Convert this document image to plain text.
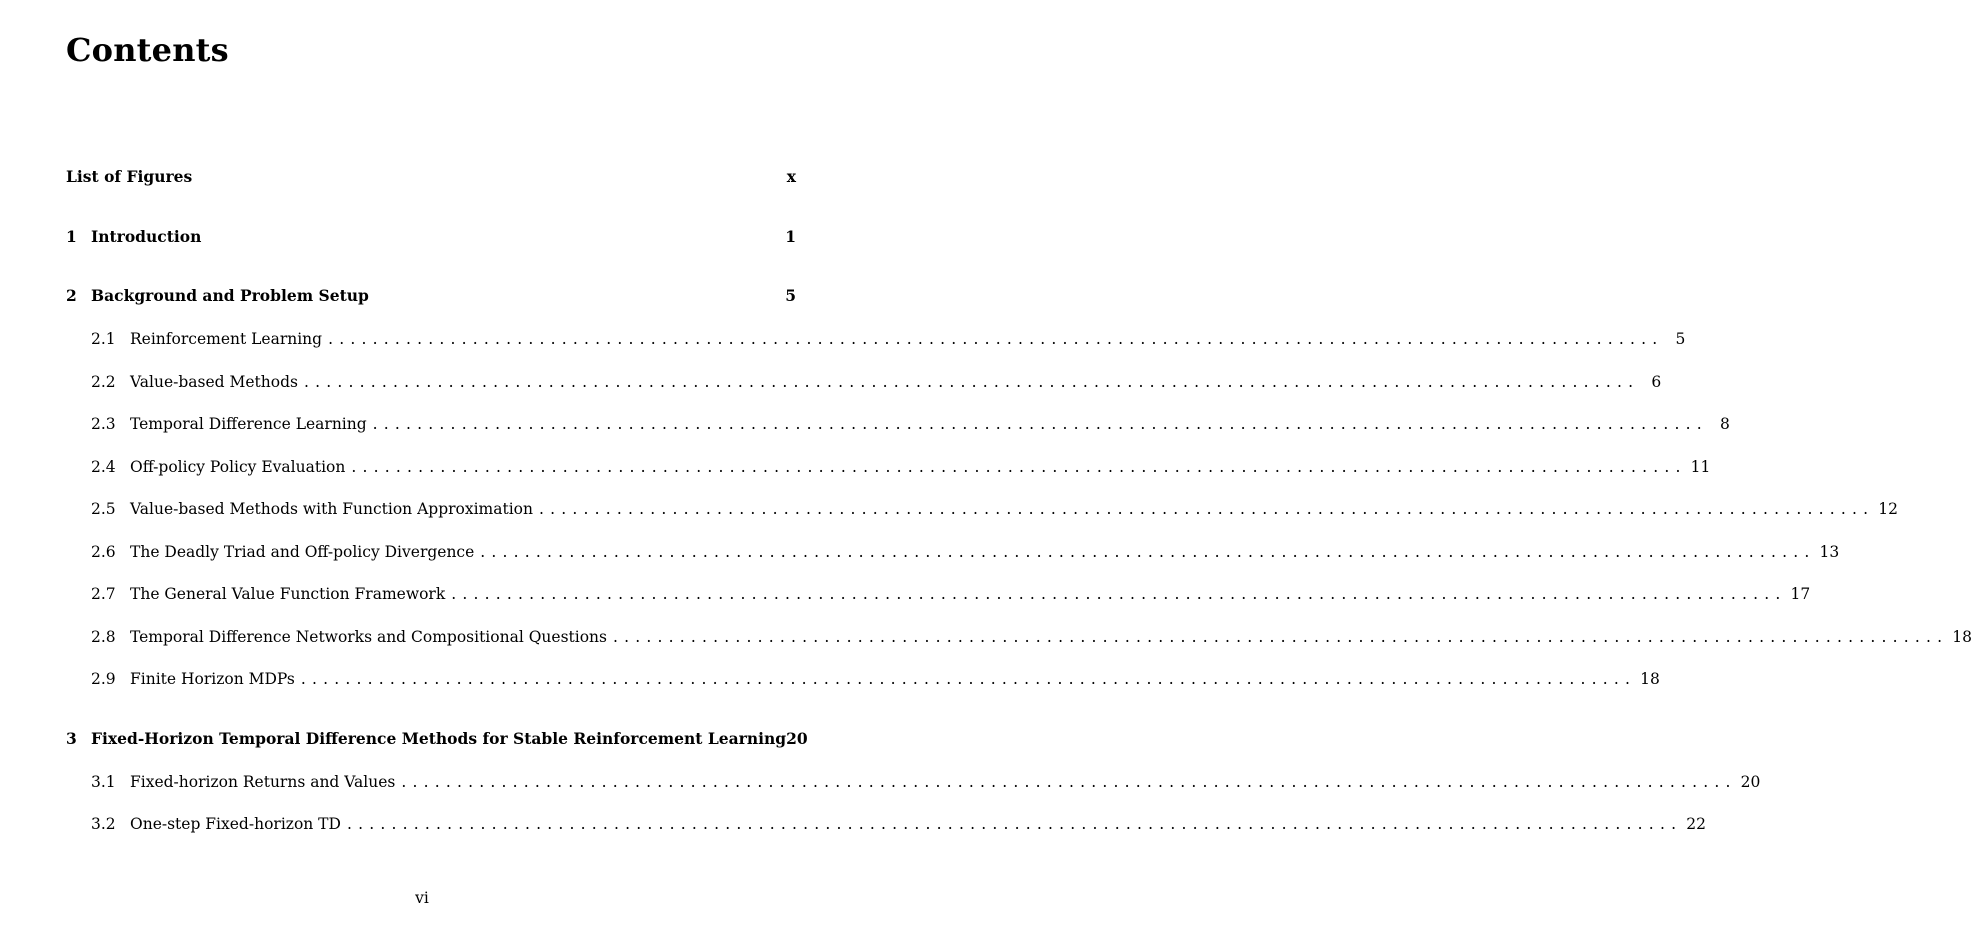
Contents
List of Figures	x
1 Introduction	1
2 Background and Problem Setup	5
2.1 Reinforcement Learning ........................................................................................................................ 5
2.2 Value-based Methods ........................................................................................................................ 6
2.3 Temporal Difference Learning ........................................................................................................................ 8
2.4 Off-policy Policy Evaluation ........................................................................................................................ 11
2.5 Value-based Methods with Function Approximation ........................................................................................................................ 12
2.6 The Deadly Triad and Off-policy Divergence ........................................................................................................................ 13
2.7 The General Value Function Framework ........................................................................................................................ 17
2.8 Temporal Difference Networks and Compositional Questions ........................................................................................................................ 18
2.9 Finite Horizon MDPs ........................................................................................................................ 18
3 Fixed-Horizon Temporal Difference Methods for Stable Reinforcement Learning 20
3.1 Fixed-horizon Returns and Values ........................................................................................................................ 20
3.2 One-step Fixed-horizon TD ........................................................................................................................ 22
vi
